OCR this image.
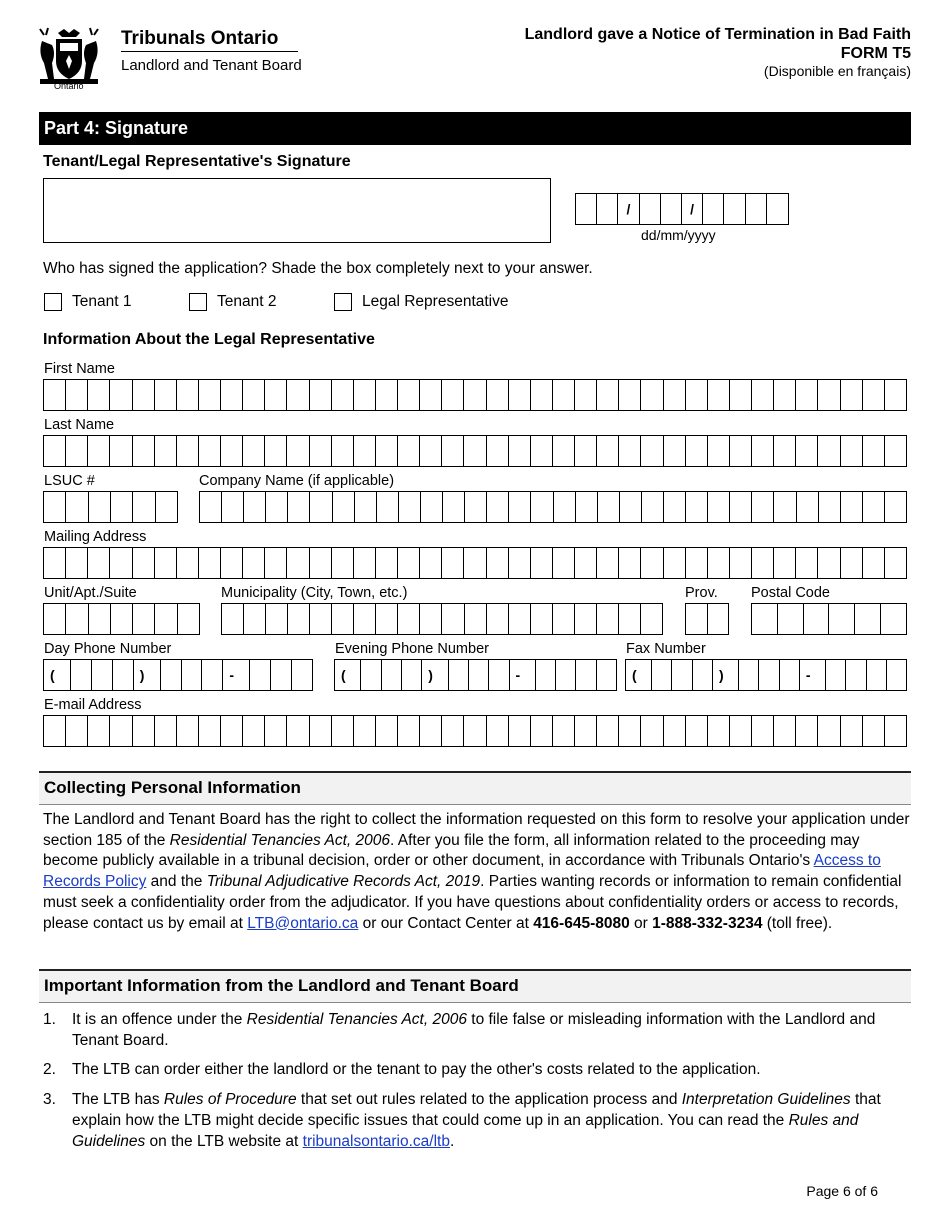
Ontario
Tribunals Ontario
Landlord and Tenant Board
Landlord gave a Notice of Termination in Bad Faith
FORM T5
(Disponible en français)
Part 4: Signature
Tenant/Legal Representative's Signature
/	/
dd/mm/yyyy
Who has signed the application? Shade the box completely next to your answer.
Tenant 1	Tenant 2	Legal Representative
Information About the Legal Representative
First Name
Last Name
LSUC #	Company Name (if applicable)
Mailing Address
Unit/Apt./Suite	Municipality (City, Town, etc.)	Prov. Postal Code
Day Phone Number
(	)	-
Evening Phone Number
(	)	-
Fax Number
(	)	-
E-mail Address
Collecting Personal Information
The Landlord and Tenant Board has the right to collect the information requested on this form to resolve your application under section 185 of the Residential Tenancies Act, 2006. After you file the form, all information related to the proceeding may become publicly available in a tribunal decision, order or other document, in accordance with Tribunals Ontario's Access to Records Policy and the Tribunal Adjudicative Records Act, 2019. Parties wanting records or information to remain confidential must seek a confidentiality order from the adjudicator. If you have questions about confidentiality orders or access to records, please contact us by email at LTB@ontario.ca or our Contact Center at 416-645-8080 or 1-888-332-3234 (toll free).
Important Information from the Landlord and Tenant Board
1. It is an offence under the Residential Tenancies Act, 2006 to file false or misleading information with the Landlord and Tenant Board.
2. The LTB can order either the landlord or the tenant to pay the other's costs related to the application.
3. The LTB has Rules of Procedure that set out rules related to the application process and Interpretation Guidelines that explain how the LTB might decide specific issues that could come up in an application. You can read the Rules and Guidelines on the LTB website at tribunalsontario.ca/ltb.
Page 6 of 6
